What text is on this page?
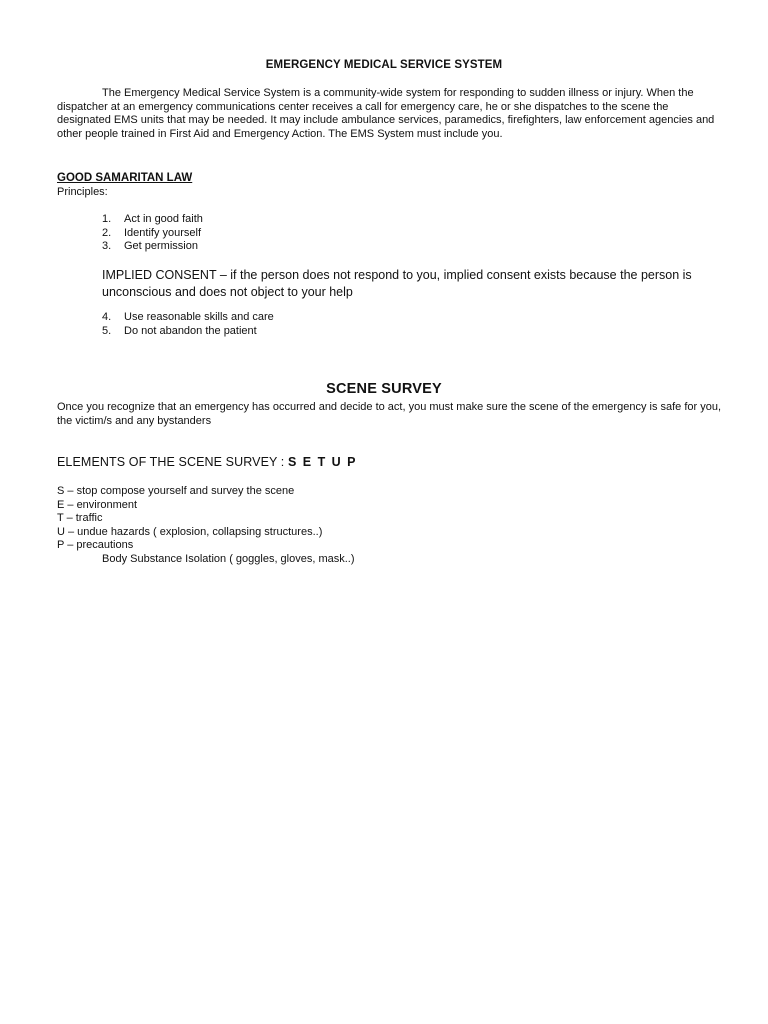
EMERGENCY MEDICAL SERVICE SYSTEM

The Emergency Medical Service System is a community-wide system for responding to sudden illness or injury. When the dispatcher at an emergency communications center receives a call for emergency care, he or she dispatches to the scene the designated EMS units that may be needed. It may include ambulance services, paramedics, firefighters, law enforcement agencies and other people trained in First Aid and Emergency Action. The EMS System must include you.

GOOD SAMARITAN LAW
Principles:
1.	Act in good faith
2.	Identify yourself
3.	Get permission

IMPLIED CONSENT – if the person does not respond to you, implied consent exists because the person is unconscious and does not object to your help

4.	Use reasonable skills and care
5.	Do not abandon the patient
SCENE SURVEY

Once you recognize that an emergency has occurred and decide to act, you must make sure the scene of the emergency is safe for you, the victim/s and any bystanders

ELEMENTS OF THE SCENE SURVEY : S E T U P
S – stop compose yourself and survey the scene
E – environment
T – traffic
U – undue hazards ( explosion, collapsing structures..)
P – precautions
Body Substance Isolation ( goggles, gloves, mask..)
